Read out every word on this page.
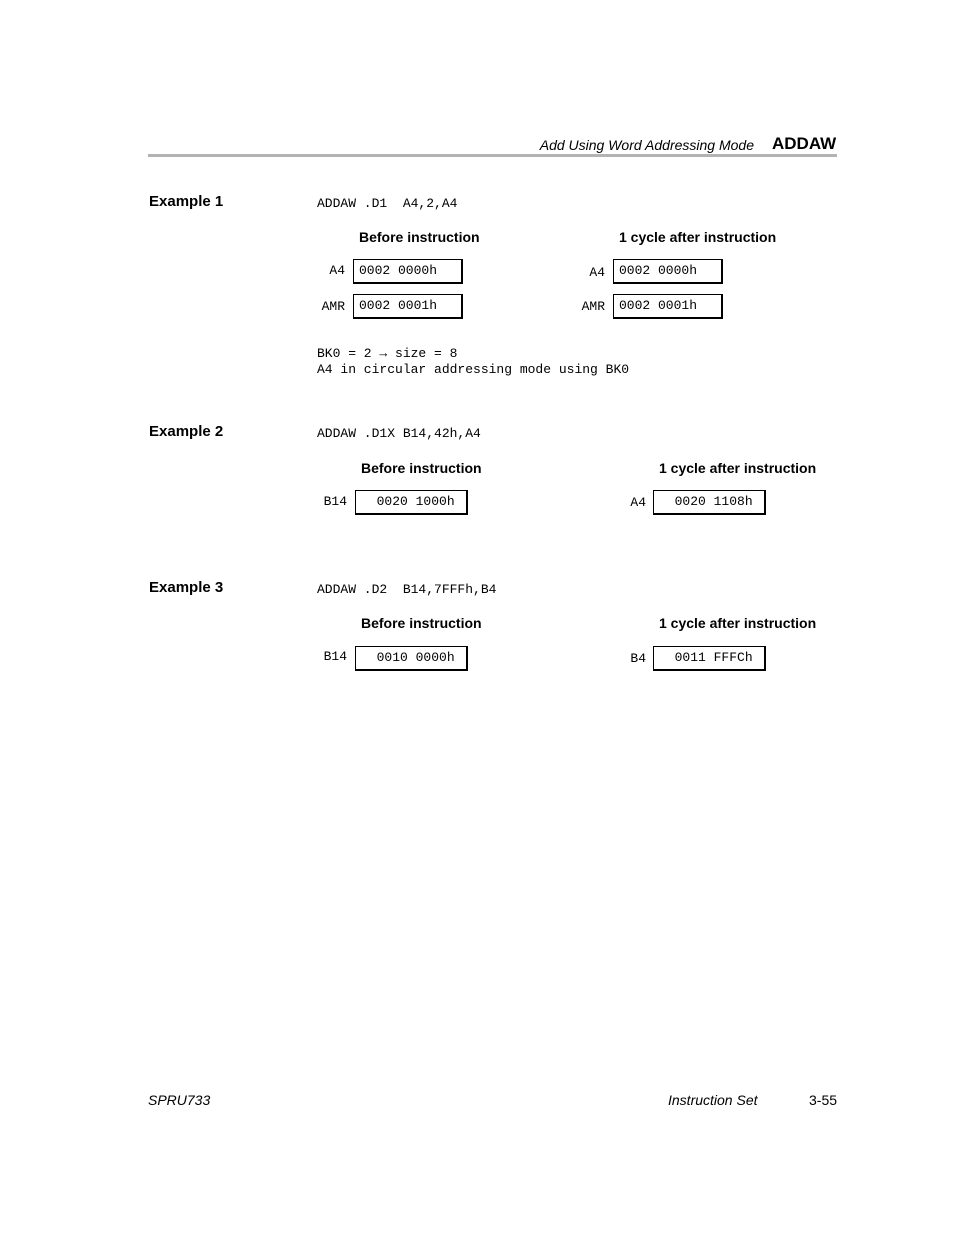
Add Using Word Addressing Mode ADDAW
Example 1	ADDAW .D1  A4,2,A4
Before instruction	1 cycle after instruction
A4	0002 0000h
AMR	0002 0001h
A4	0002 0000h
AMR	0002 0001h
BK0 = 2 → size = 8
A4 in circular addressing mode using BK0
Example 2	ADDAW .D1X B14,42h,A4
Before instruction	1 cycle after instruction
B14	0020 1000h	A4	0020 1108h
Example 3	ADDAW .D2  B14,7FFFh,B4
Before instruction	1 cycle after instruction
B14	0010 0000h	B4	0011 FFFCh
SPRU733	Instruction Set	3-55
